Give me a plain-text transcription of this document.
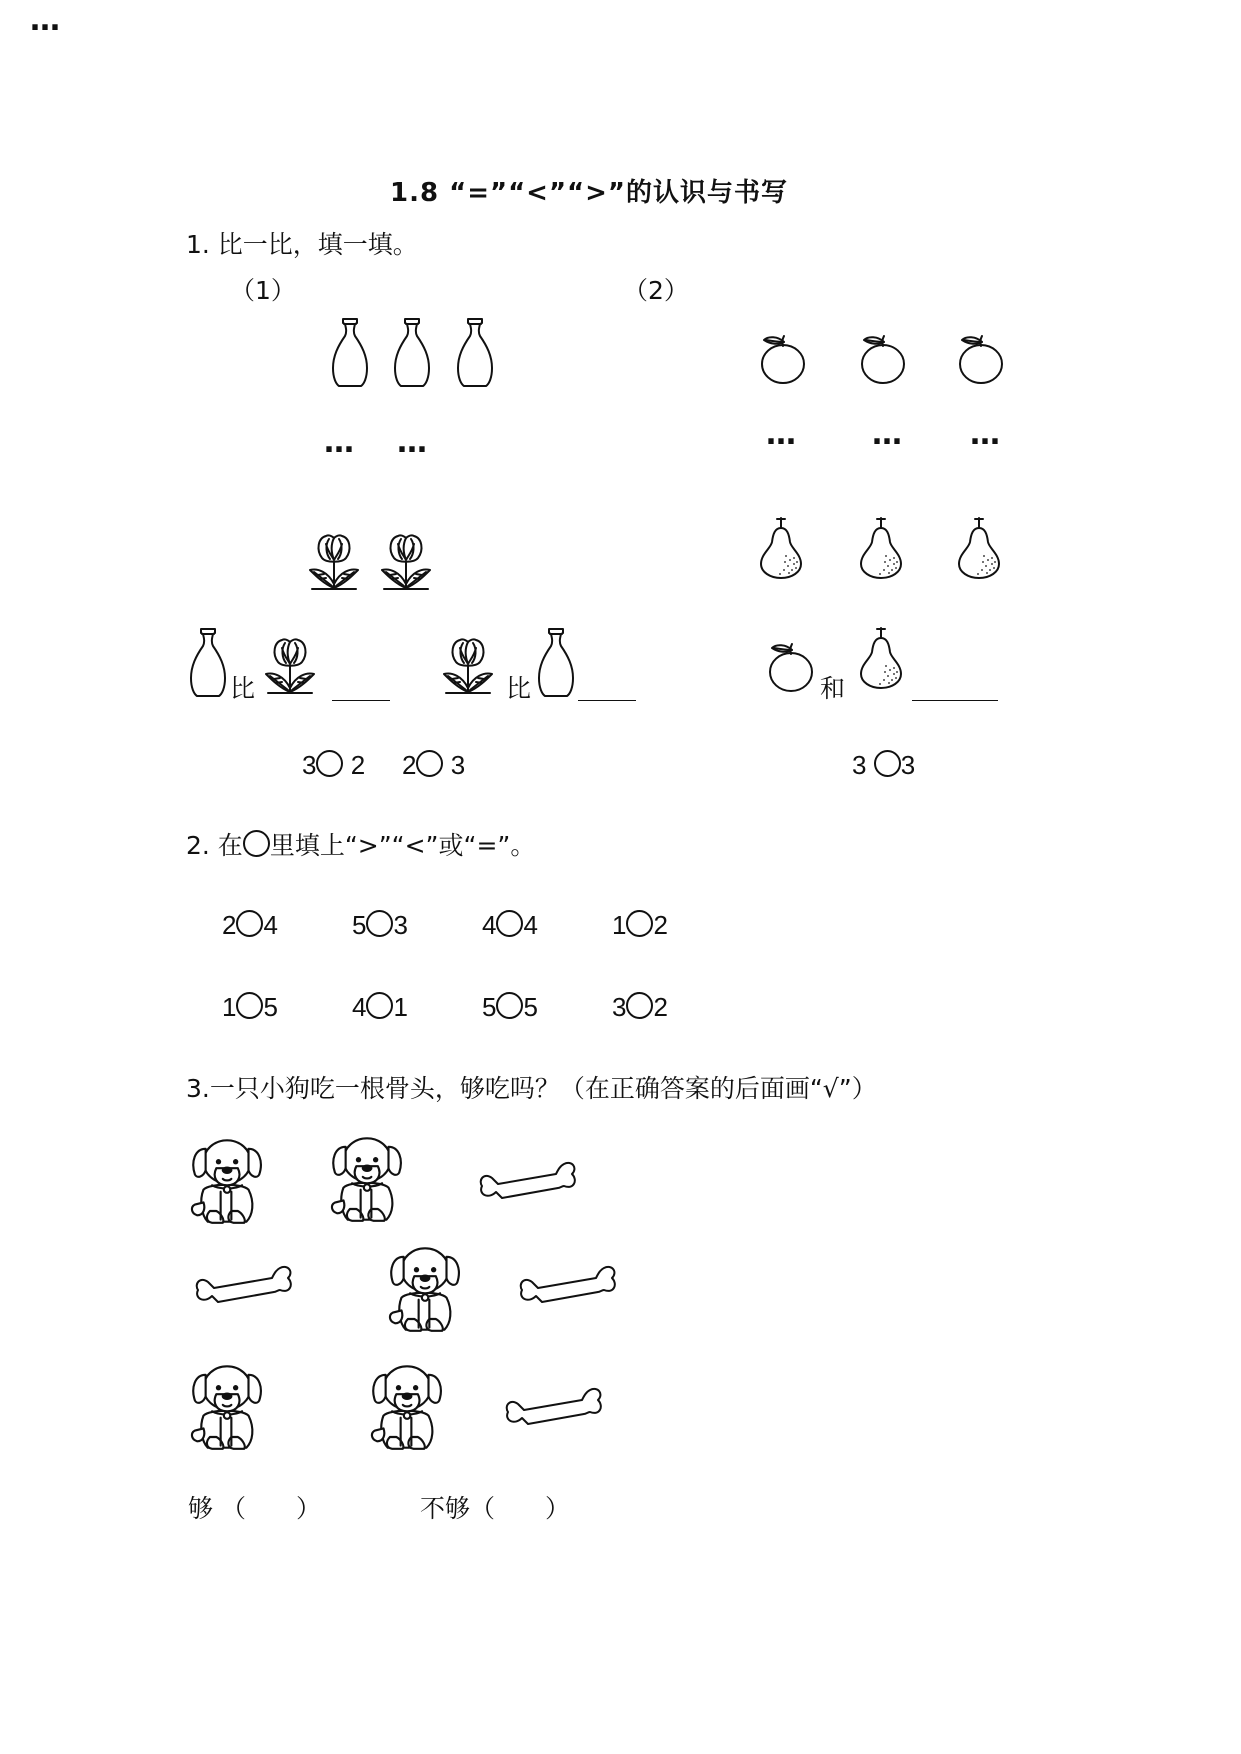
…
1.8 “=”“<”“>”的认识与书写
1. 比一比，填一填。
（1）	（2）
… …	… … …
比	比	和
3 2 2 3	3 3
2. 在 里填上“>”“<”或“=”。
2 4	5 3	4 4	1 2
1 5	4 1	5 5	3 2
3.一只小狗吃一根骨头，够吃吗？（在正确答案的后面画“√”）
够 （　　）	不够（　　）
